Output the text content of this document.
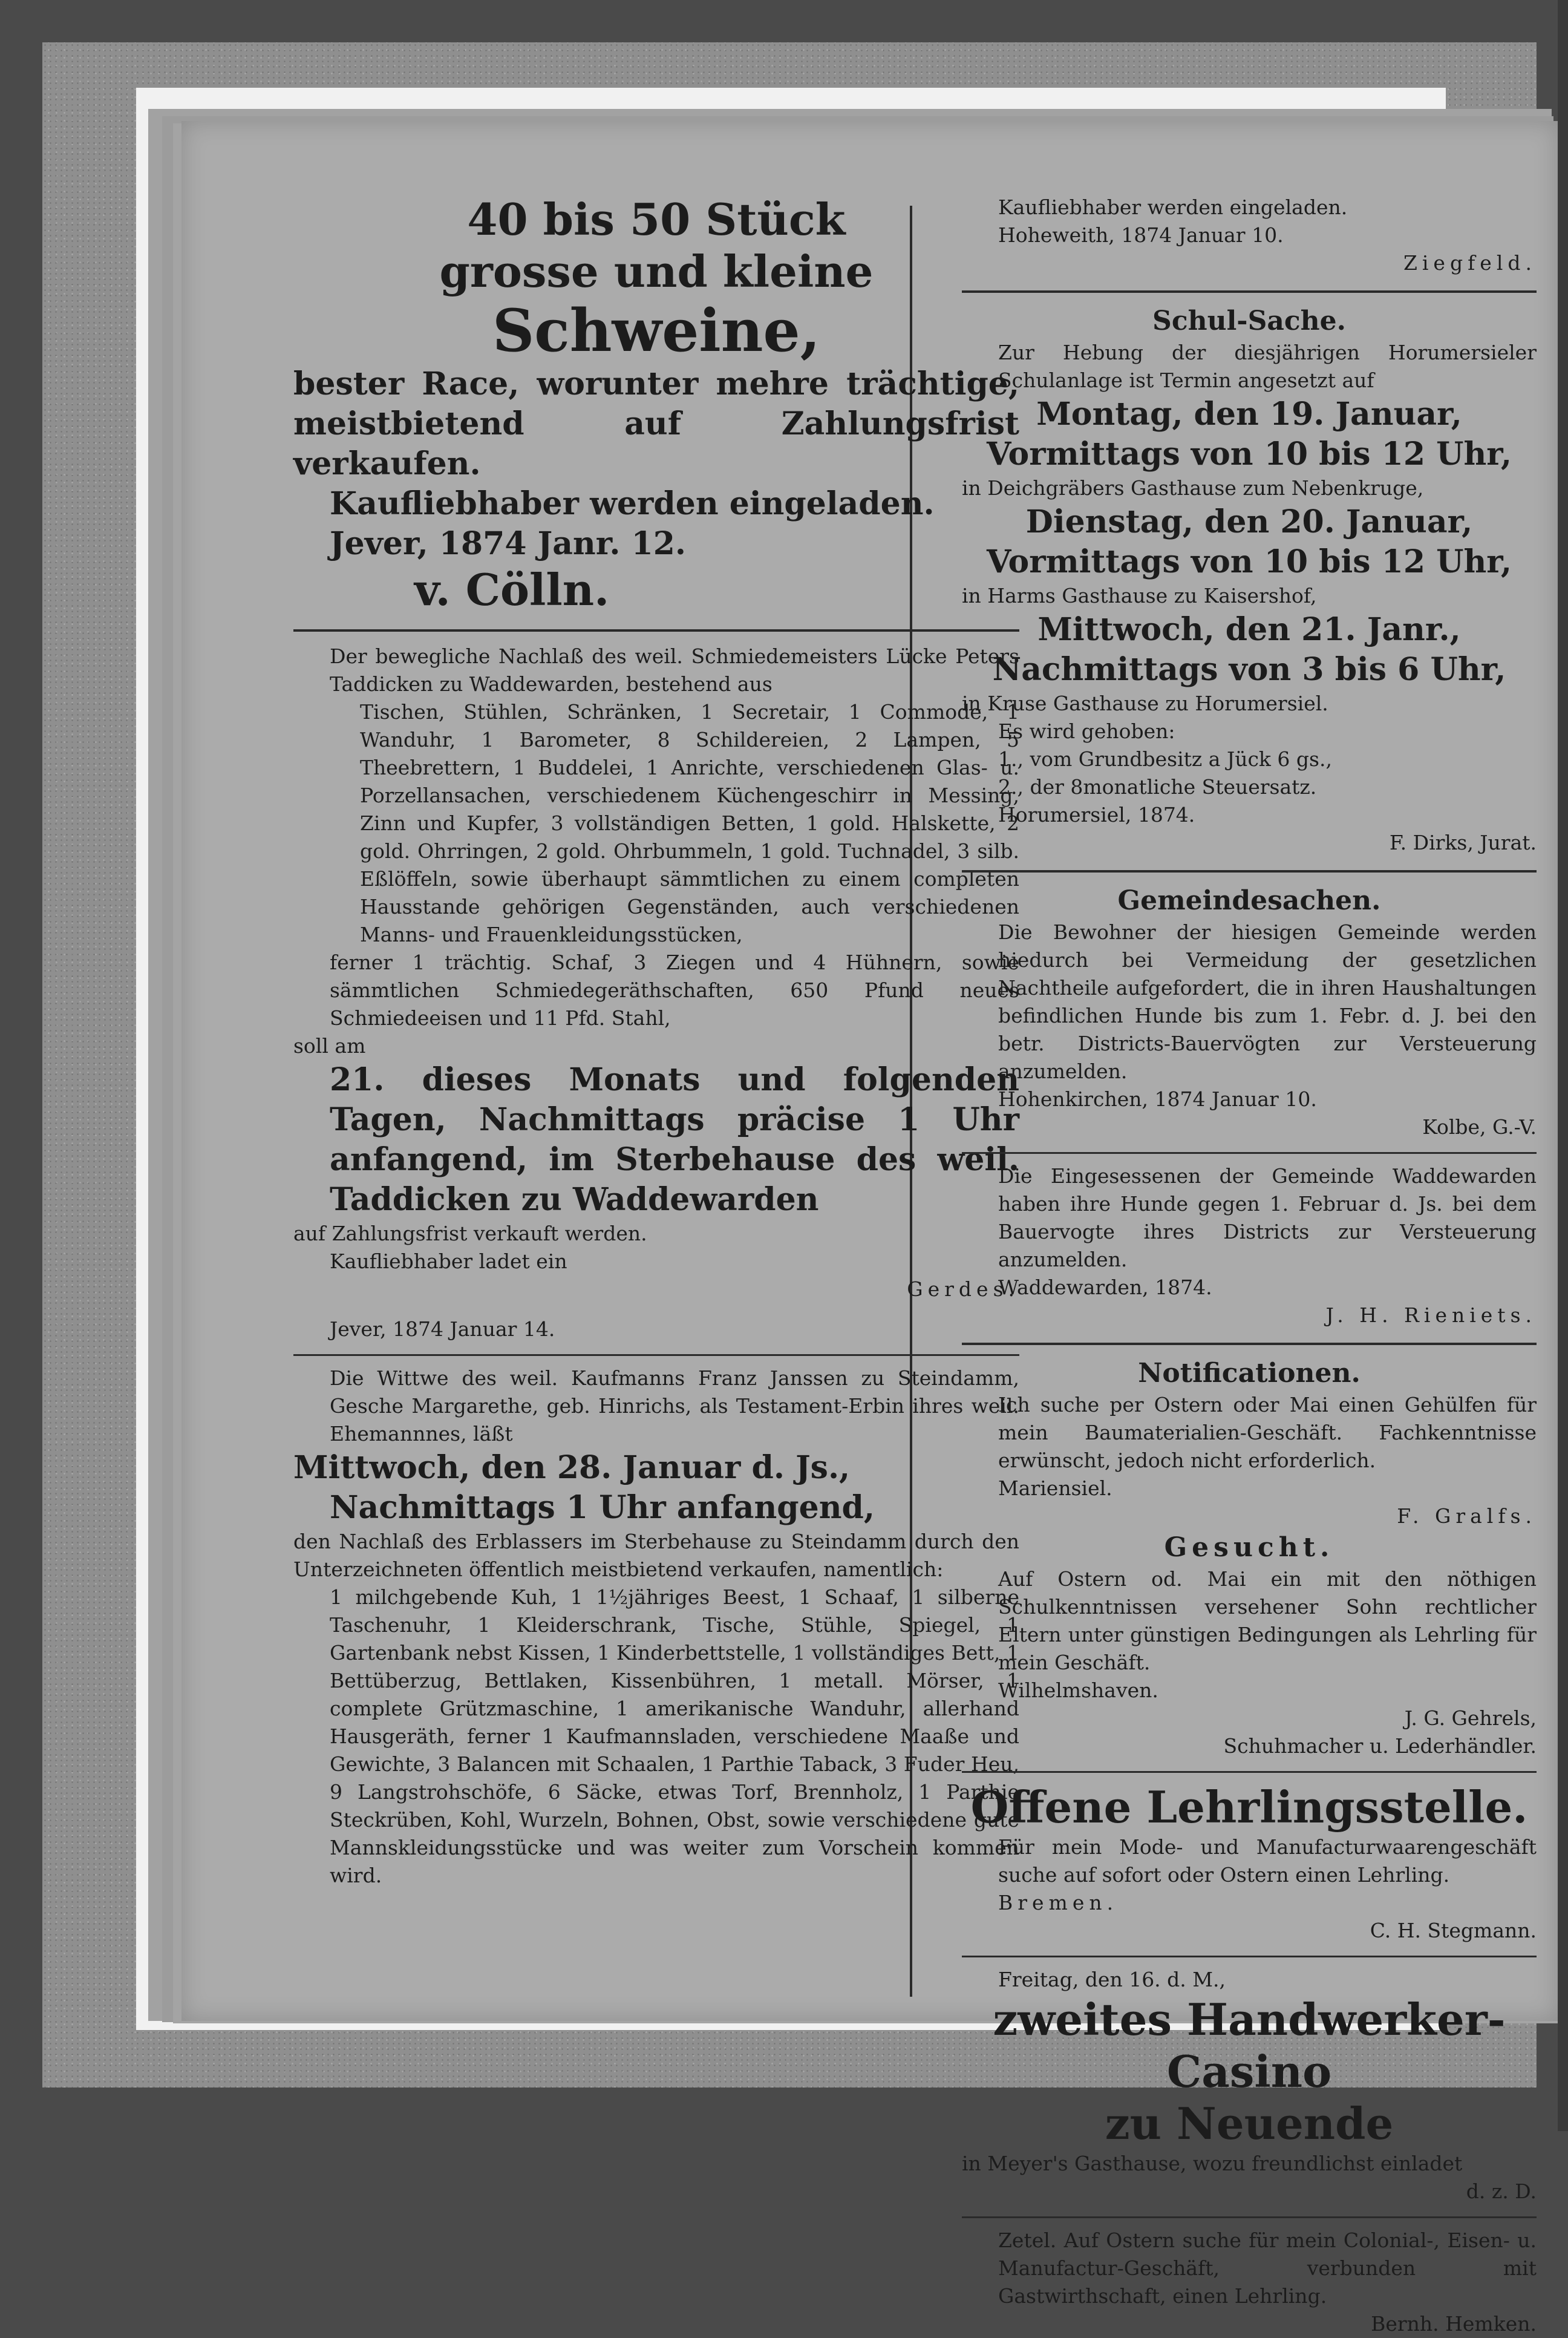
40 bis 50 Stück

grosse und kleine

Schweine,

bester Race, worunter mehre trächtige, meistbietend auf Zahlungsfrist verkaufen.

Kaufliebhaber werden eingeladen.

Jever, 1874 Janr. 12.

v. Cölln.

Der bewegliche Nachlaß des weil. Schmiedemeisters Lücke Peters Taddicken zu Waddewarden, bestehend aus

Tischen, Stühlen, Schränken, 1 Secretair, 1 Commode, 1 Wanduhr, 1 Barometer, 8 Schildereien, 2 Lampen, 5 Theebrettern, 1 Buddelei, 1 Anrichte, verschiedenen Glas- u. Porzellansachen, verschiedenem Küchengeschirr in Messing, Zinn und Kupfer, 3 vollständigen Betten, 1 gold. Halskette, 2 gold. Ohrringen, 2 gold. Ohrbummeln, 1 gold. Tuchnadel, 3 silb. Eßlöffeln, sowie überhaupt sämmtlichen zu einem completen Hausstande gehörigen Gegenständen, auch verschiedenen Manns- und Frauenkleidungsstücken,

ferner 1 trächtig. Schaf, 3 Ziegen und 4 Hühnern, sowie sämmtlichen Schmiedegeräthschaften, 650 Pfund neues Schmiedeeisen und 11 Pfd. Stahl,

soll am

21. dieses Monats und folgenden Tagen, Nachmittags präcise 1 Uhr anfangend, im Sterbehause des weil. Taddicken zu Waddewarden

auf Zahlungsfrist verkauft werden.

Kaufliebhaber ladet ein

Gerdes.

Jever, 1874 Januar 14.

Die Wittwe des weil. Kaufmanns Franz Janssen zu Steindamm, Gesche Margarethe, geb. Hinrichs, als Testament-Erbin ihres weil. Ehemannnes, läßt

Mittwoch, den 28. Januar d. Js.,

Nachmittags 1 Uhr anfangend,

den Nachlaß des Erblassers im Sterbehause zu Steindamm durch den Unterzeichneten öffentlich meistbietend verkaufen, namentlich:

1 milchgebende Kuh, 1 1½jähriges Beest, 1 Schaaf, 1 silberne Taschenuhr, 1 Kleiderschrank, Tische, Stühle, Spiegel, 1 Gartenbank nebst Kissen, 1 Kinderbettstelle, 1 vollständiges Bett, 1 Bettüberzug, Bettlaken, Kissenbühren, 1 metall. Mörser, 1 complete Grützmaschine, 1 amerikanische Wanduhr, allerhand Hausgeräth, ferner 1 Kaufmannsladen, verschiedene Maaße und Gewichte, 3 Balancen mit Schaalen, 1 Parthie Taback, 3 Fuder Heu, 9 Langstrohschöfe, 6 Säcke, etwas Torf, Brennholz, 1 Parthie Steckrüben, Kohl, Wurzeln, Bohnen, Obst, sowie verschiedene gute Mannskleidungsstücke und was weiter zum Vorschein kommen wird.

Kaufliebhaber werden eingeladen.

Hoheweith, 1874 Januar 10.

Ziegfeld.

Schul-Sache.

Zur Hebung der diesjährigen Horumersieler Schulanlage ist Termin angesetzt auf

Montag, den 19. Januar,

Vormittags von 10 bis 12 Uhr,

in Deichgräbers Gasthause zum Nebenkruge,

Dienstag, den 20. Januar,

Vormittags von 10 bis 12 Uhr,

in Harms Gasthause zu Kaisershof,

Mittwoch, den 21. Janr.,

Nachmittags von 3 bis 6 Uhr,

in Kruse Gasthause zu Horumersiel.

Es wird gehoben:

1., vom Grundbesitz a Jück 6 gs.,

2., der 8monatliche Steuersatz.

Horumersiel, 1874.

F. Dirks, Jurat.

Gemeindesachen.

Die Bewohner der hiesigen Gemeinde werden hiedurch bei Vermeidung der gesetzlichen Nachtheile aufgefordert, die in ihren Haushaltungen befindlichen Hunde bis zum 1. Febr. d. J. bei den betr. Districts-Bauervögten zur Versteuerung anzumelden.

Hohenkirchen, 1874 Januar 10.

Kolbe, G.-V.

Die Eingesessenen der Gemeinde Waddewarden haben ihre Hunde gegen 1. Februar d. Js. bei dem Bauervogte ihres Districts zur Versteuerung anzumelden.

Waddewarden, 1874.

J. H. Rieniets.

Notificationen.

Ich suche per Ostern oder Mai einen Gehülfen für mein Baumaterialien-Geschäft. Fachkenntnisse erwünscht, jedoch nicht erforderlich.

Mariensiel.

F. Gralfs.

Gesucht.

Auf Ostern od. Mai ein mit den nöthigen Schulkenntnissen versehener Sohn rechtlicher Eltern unter günstigen Bedingungen als Lehrling für mein Geschäft.

Wilhelmshaven.

J. G. Gehrels,

Schuhmacher u. Lederhändler.

Offene Lehrlingsstelle.

Für mein Mode- und Manufacturwaarengeschäft suche auf sofort oder Ostern einen Lehrling.

Bremen.

C. H. Stegmann.

Freitag, den 16. d. M.,

zweites Handwerker-Casino

zu Neuende

in Meyer's Gasthause, wozu freundlichst einladet

d. z. D.

Zetel. Auf Ostern suche für mein Colonial-, Eisen- u. Manufactur-Geschäft, verbunden mit Gastwirthschaft, einen Lehrling.

Bernh. Hemken.
